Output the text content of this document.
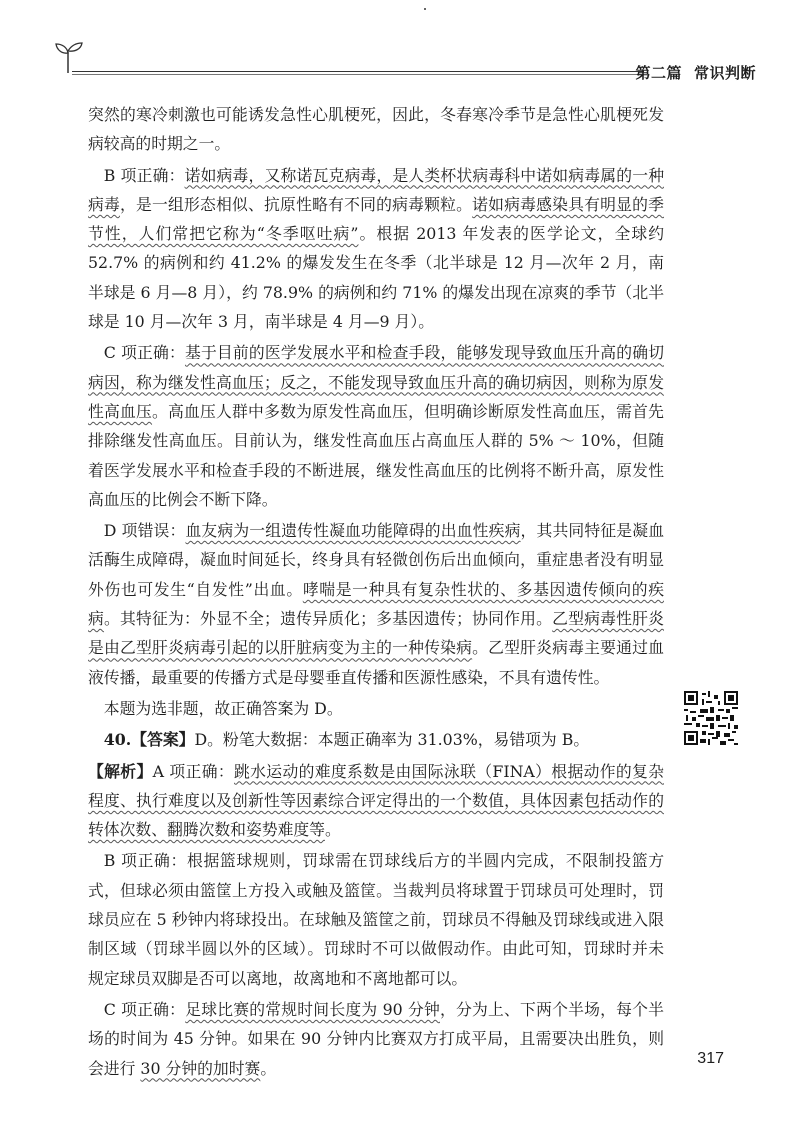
第二篇 常识判断

突然的寒冷刺激也可能诱发急性心肌梗死，因此，冬春寒冷季节是急性心肌梗死发病较高的时期之一。

B 项正确：诺如病毒，又称诺瓦克病毒，是人类杯状病毒科中诺如病毒属的一种病毒，是一组形态相似、抗原性略有不同的病毒颗粒。诺如病毒感染具有明显的季节性，人们常把它称为“冬季呕吐病”。根据 2013 年发表的医学论文，全球约 52.7% 的病例和约 41.2% 的爆发发生在冬季（北半球是 12 月—次年 2 月，南半球是 6 月—8 月），约 78.9% 的病例和约 71% 的爆发出现在凉爽的季节（北半球是 10 月—次年 3 月，南半球是 4 月—9 月）。

C 项正确：基于目前的医学发展水平和检查手段，能够发现导致血压升高的确切病因，称为继发性高血压；反之，不能发现导致血压升高的确切病因，则称为原发性高血压。高血压人群中多数为原发性高血压，但明确诊断原发性高血压，需首先排除继发性高血压。目前认为，继发性高血压占高血压人群的 5% ～ 10%，但随着医学发展水平和检查手段的不断进展，继发性高血压的比例将不断升高，原发性高血压的比例会不断下降。

D 项错误：血友病为一组遗传性凝血功能障碍的出血性疾病，其共同特征是凝血活酶生成障碍，凝血时间延长，终身具有轻微创伤后出血倾向，重症患者没有明显外伤也可发生“自发性”出血。哮喘是一种具有复杂性状的、多基因遗传倾向的疾病。其特征为：外显不全；遗传异质化；多基因遗传；协同作用。乙型病毒性肝炎是由乙型肝炎病毒引起的以肝脏病变为主的一种传染病。乙型肝炎病毒主要通过血液传播，最重要的传播方式是母婴垂直传播和医源性感染，不具有遗传性。

本题为选非题，故正确答案为 D。

40.【答案】D。粉笔大数据：本题正确率为 31.03%，易错项为 B。

【解析】A 项正确：跳水运动的难度系数是由国际泳联（FINA）根据动作的复杂程度、执行难度以及创新性等因素综合评定得出的一个数值，具体因素包括动作的转体次数、翻腾次数和姿势难度等。

B 项正确：根据篮球规则，罚球需在罚球线后方的半圆内完成，不限制投篮方式，但球必须由篮筐上方投入或触及篮筐。当裁判员将球置于罚球员可处理时，罚球员应在 5 秒钟内将球投出。在球触及篮筐之前，罚球员不得触及罚球线或进入限制区域（罚球半圆以外的区域）。罚球时不可以做假动作。由此可知，罚球时并未规定球员双脚是否可以离地，故离地和不离地都可以。

C 项正确：足球比赛的常规时间长度为 90 分钟，分为上、下两个半场，每个半场的时间为 45 分钟。如果在 90 分钟内比赛双方打成平局，且需要决出胜负，则会进行 30 分钟的加时赛。	317
